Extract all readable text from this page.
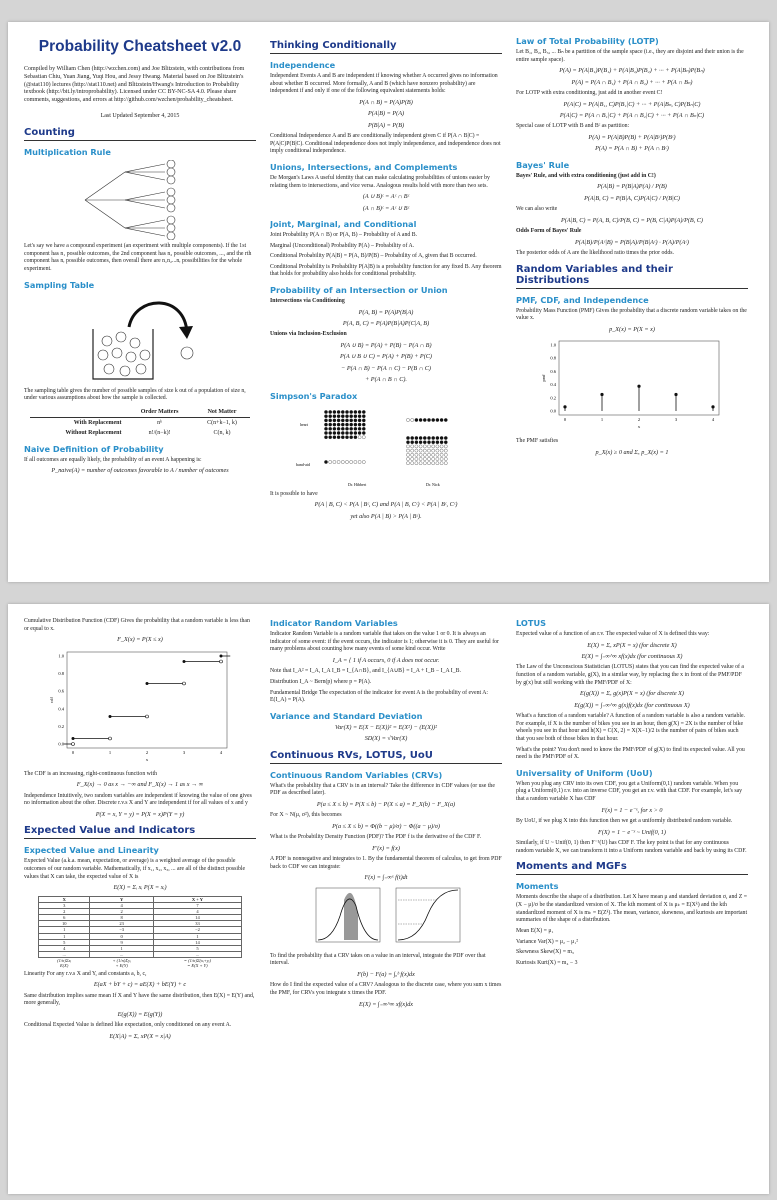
Probability Cheatsheet v2.0
Compiled by William Chen (http://wzchen.com) and Joe Blitzstein, with contributions from Sebastian Chiu, Yuan Jiang, Yuqi Hou, and Jessy Hwang. Material based on Joe Blitzstein's (@stat110) lectures (http://stat110.net) and Blitzstein/Hwang's Introduction to Probability textbook (http://bit.ly/introprobability). Licensed under CC BY-NC-SA 4.0. Please share comments, suggestions, and errors at http://github.com/wzchen/probability_cheatsheet.
Last Updated September 4, 2015
Counting
Multiplication Rule

Let's say we have a compound experiment (an experiment with multiple components). If the 1st component has n₁ possible outcomes, the 2nd component has n₂ possible outcomes, ..., and the rth component has nᵣ possible outcomes, then overall there are n₁n₂...nᵣ possibilities for the whole experiment.

Sampling Table

The sampling table gives the number of possible samples of size k out of a population of size n, under various assumptions about how the sample is collected.

	Order Matters	Not Matter
With Replacement	nᵏ	C(n+k−1, k)
Without Replacement	n!/(n−k)!	C(n, k)
Naive Definition of Probability

If all outcomes are equally likely, the probability of an event A happening is:

P_naive(A) = number of outcomes favorable to A / number of outcomes
Thinking Conditionally
Independence

Independent Events A and B are independent if knowing whether A occurred gives no information about whether B occurred. More formally, A and B (which have nonzero probability) are independent if and only if one of the following equivalent statements holds:

P(A ∩ B) = P(A)P(B)
P(A|B) = P(A)
P(B|A) = P(B)

Conditional Independence A and B are conditionally independent given C if P(A ∩ B|C) = P(A|C)P(B|C). Conditional independence does not imply independence, and independence does not imply conditional independence.

Unions, Intersections, and Complements

De Morgan's Laws A useful identity that can make calculating probabilities of unions easier by relating them to intersections, and vice versa. Analogous results hold with more than two sets.

(A ∪ B)ᶜ = Aᶜ ∩ Bᶜ
(A ∩ B)ᶜ = Aᶜ ∪ Bᶜ
Joint, Marginal, and Conditional

Joint Probability P(A ∩ B) or P(A, B) – Probability of A and B.

Marginal (Unconditional) Probability P(A) – Probability of A.

Conditional Probability P(A|B) = P(A, B)/P(B) – Probability of A, given that B occurred.

Conditional Probability is Probability P(A|B) is a probability function for any fixed B. Any theorem that holds for probability also holds for conditional probability.

Probability of an Intersection or Union

Intersections via Conditioning

P(A, B) = P(A)P(B|A)
P(A, B, C) = P(A)P(B|A)P(C|A, B)

Unions via Inclusion-Exclusion

P(A ∪ B) = P(A) + P(B) − P(A ∩ B)
P(A ∪ B ∪ C) = P(A) + P(B) + P(C)
− P(A ∩ B) − P(A ∩ C) − P(B ∩ C)
+ P(A ∩ B ∩ C).
Simpson's Paradox
heart
band-aid
Dr. Hibbert	Dr. Nick

It is possible to have

P(A | B, C) < P(A | Bᶜ, C) and P(A | B, Cᶜ) < P(A | Bᶜ, Cᶜ)
yet also P(A | B) > P(A | Bᶜ).
Law of Total Probability (LOTP)

Let B₁, B₂, B₃, ... Bₙ be a partition of the sample space (i.e., they are disjoint and their union is the entire sample space).

P(A) = P(A|B₁)P(B₁) + P(A|B₂)P(B₂) + ··· + P(A|Bₙ)P(Bₙ)
P(A) = P(A ∩ B₁) + P(A ∩ B₂) + ··· + P(A ∩ Bₙ)

For LOTP with extra conditioning, just add in another event C!

P(A|C) = P(A|B₁, C)P(B₁|C) + ··· + P(A|Bₙ, C)P(Bₙ|C)
P(A|C) = P(A ∩ B₁|C) + P(A ∩ B₂|C) + ··· + P(A ∩ Bₙ|C)

Special case of LOTP with B and Bᶜ as partition:

P(A) = P(A|B)P(B) + P(A|Bᶜ)P(Bᶜ)
P(A) = P(A ∩ B) + P(A ∩ Bᶜ)
Bayes' Rule

Bayes' Rule, and with extra conditioning (just add in C!)

P(A|B) = P(B|A)P(A) / P(B)
P(A|B, C) = P(B|A, C)P(A|C) / P(B|C)

We can also write

P(A|B, C) = P(A, B, C)/P(B, C) = P(B, C|A)P(A)/P(B, C)

Odds Form of Bayes' Rule

P(A|B)/P(Aᶜ|B) = P(B|A)/P(B|Aᶜ) · P(A)/P(Aᶜ)

The posterior odds of A are the likelihood ratio times the prior odds.

Random Variables and their Distributions
PMF, CDF, and Independence

Probability Mass Function (PMF) Gives the probability that a discrete random variable takes on the value x.

p_X(x) = P(X = x)
0	1	2	3	4
0.0
0.2
0.4
0.6
0.8
1.0
x
pmf

The PMF satisfies

p_X(x) ≥ 0 and Σₓ p_X(x) = 1

Cumulative Distribution Function (CDF) Gives the probability that a random variable is less than or equal to x.

F_X(x) = P(X ≤ x)
0	1	2	3	4
0.0
0.2
0.4
0.6
0.8
1.0
x
cdf

The CDF is an increasing, right-continuous function with

F_X(x) → 0 as x → −∞ and F_X(x) → 1 as x → ∞

Independence Intuitively, two random variables are independent if knowing the value of one gives no information about the other. Discrete r.v.s X and Y are independent if for all values of x and y

P(X = x, Y = y) = P(X = x)P(Y = y)
Expected Value and Indicators
Expected Value and Linearity

Expected Value (a.k.a. mean, expectation, or average) is a weighted average of the possible outcomes of our random variable. Mathematically, if x₁, x₂, x₃, ... are all of the distinct possible values that X can take, the expected value of X is

E(X) = Σᵢ xᵢ P(X = xᵢ)
X	Y	X + Y
3	4	7
2	2	4
6	8	14
10	23	33
1	−3	−2
1	0	1
5	9	14
4	1	5
...	...	...
(1/n)Σxᵢ	+ (1/n)Σyᵢ	= (1/n)Σ(xᵢ+yᵢ)
E(X)	+ E(Y)	= E(X + Y)

Linearity For any r.v.s X and Y, and constants a, b, c,

E(aX + bY + c) = aE(X) + bE(Y) + c

Same distribution implies same mean If X and Y have the same distribution, then E(X) = E(Y) and, more generally,

E(g(X)) = E(g(Y))

Conditional Expected Value is defined like expectation, only conditioned on any event A.

E(X|A) = Σₓ xP(X = x|A)
Indicator Random Variables

Indicator Random Variable is a random variable that takes on the value 1 or 0. It is always an indicator of some event: if the event occurs, the indicator is 1; otherwise it is 0. They are useful for many problems about counting how many events of some kind occur. Write

I_A = { 1 if A occurs, 0 if A does not occur.

Note that I_A² = I_A, I_A I_B = I_{A∩B}, and I_{A∪B} = I_A + I_B − I_A I_B.

Distribution I_A ~ Bern(p) where p = P(A).

Fundamental Bridge The expectation of the indicator for event A is the probability of event A: E(I_A) = P(A).

Variance and Standard Deviation
Var(X) = E(X − E(X))² = E(X²) − (E(X))²
SD(X) = √Var(X)
Continuous RVs, LOTUS, UoU
Continuous Random Variables (CRVs)

What's the probability that a CRV is in an interval? Take the difference in CDF values (or use the PDF as described later).

P(a ≤ X ≤ b) = P(X ≤ b) − P(X ≤ a) = F_X(b) − F_X(a)

For X ~ N(μ, σ²), this becomes

P(a ≤ X ≤ b) = Φ((b − μ)/σ) − Φ((a − μ)/σ)

What is the Probability Density Function (PDF)? The PDF f is the derivative of the CDF F.

F′(x) = f(x)

A PDF is nonnegative and integrates to 1. By the fundamental theorem of calculus, to get from PDF back to CDF we can integrate:

F(x) = ∫₋∞ˣ f(t)dt

To find the probability that a CRV takes on a value in an interval, integrate the PDF over that interval.

F(b) − F(a) = ∫ₐᵇ f(x)dx

How do I find the expected value of a CRV? Analogous to the discrete case, where you sum x times the PMF, for CRVs you integrate x times the PDF.

E(X) = ∫₋∞^∞ xf(x)dx
LOTUS

Expected value of a function of an r.v. The expected value of X is defined this way:

E(X) = Σₓ xP(X = x) (for discrete X)
E(X) = ∫₋∞^∞ xf(x)dx (for continuous X)

The Law of the Unconscious Statistician (LOTUS) states that you can find the expected value of a function of a random variable, g(X), in a similar way, by replacing the x in front of the PMF/PDF by g(x) but still working with the PMF/PDF of X:

E(g(X)) = Σₓ g(x)P(X = x) (for discrete X)
E(g(X)) = ∫₋∞^∞ g(x)f(x)dx (for continuous X)

What's a function of a random variable? A function of a random variable is also a random variable. For example, if X is the number of bikes you see in an hour, then g(X) = 2X is the number of bike wheels you see in that hour and h(X) = C(X, 2) = X(X−1)/2 is the number of pairs of bikes such that you see both of those bikes in that hour.

What's the point? You don't need to know the PMF/PDF of g(X) to find its expected value. All you need is the PMF/PDF of X.

Universality of Uniform (UoU)

When you plug any CRV into its own CDF, you get a Uniform(0,1) random variable. When you plug a Uniform(0,1) r.v. into an inverse CDF, you get an r.v. with that CDF. For example, let's say that a random variable X has CDF

F(x) = 1 − e⁻ˣ, for x > 0

By UoU, if we plug X into this function then we get a uniformly distributed random variable.

F(X) = 1 − e⁻ˣ ~ Unif(0, 1)

Similarly, if U ~ Unif(0, 1) then F⁻¹(U) has CDF F. The key point is that for any continuous random variable X, we can transform it into a Uniform random variable and back by using its CDF.

Moments and MGFs
Moments

Moments describe the shape of a distribution. Let X have mean μ and standard deviation σ, and Z = (X − μ)/σ be the standardized version of X. The kth moment of X is μₖ = E(Xᵏ) and the kth standardized moment of X is mₖ = E(Zᵏ). The mean, variance, skewness, and kurtosis are important summaries of the shape of a distribution.

Mean E(X) = μ₁

Variance Var(X) = μ₂ − μ₁²

Skewness Skew(X) = m₃

Kurtosis Kurt(X) = m₄ − 3
